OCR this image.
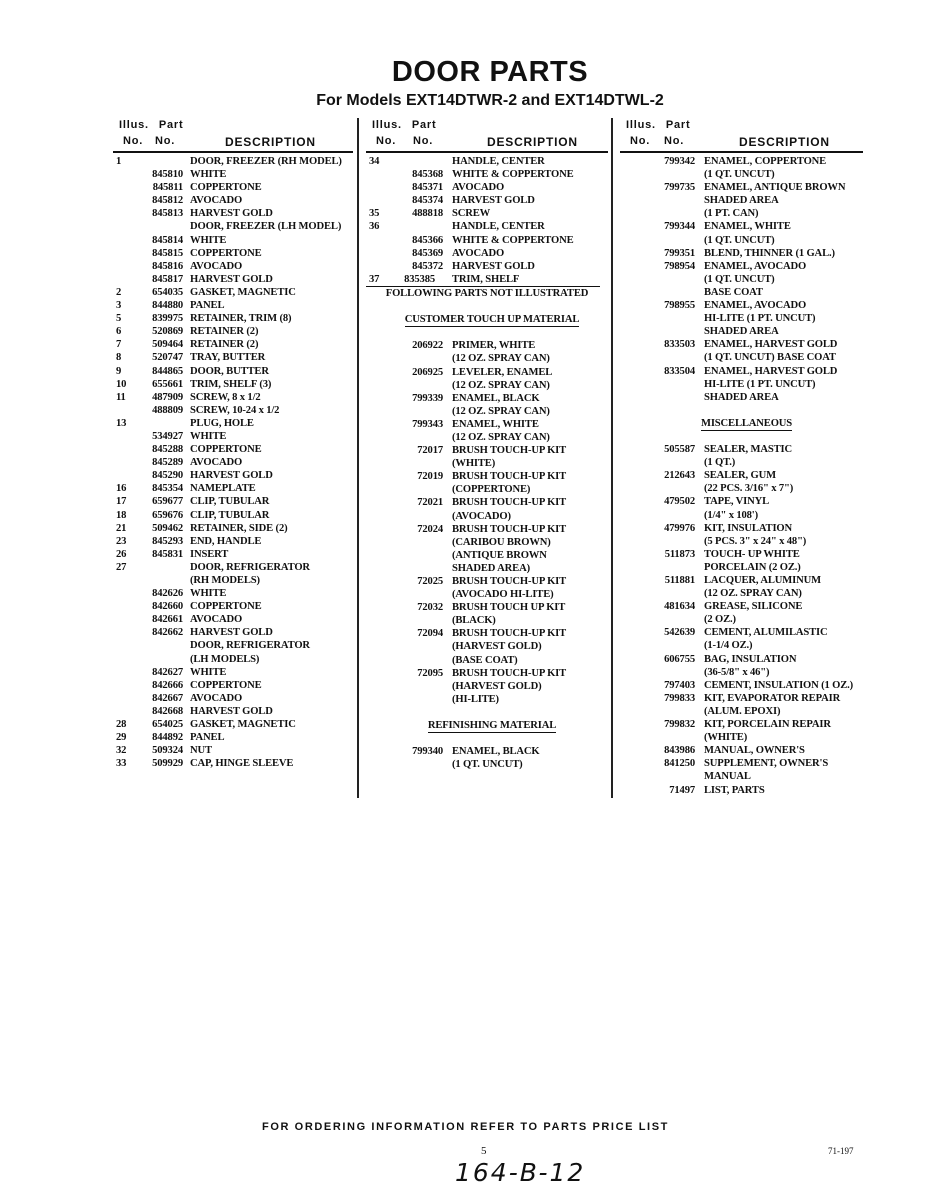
DOOR PARTS
For Models EXT14DTWR-2 and EXT14DTWL-2
Illus. Part
No. No.	DESCRIPTION
1	DOOR, FREEZER (RH MODEL)
845810 WHITE
845811 COPPERTONE
845812 AVOCADO
845813 HARVEST GOLD
DOOR, FREEZER (LH MODEL)
845814 WHITE
845815 COPPERTONE
845816 AVOCADO
845817 HARVEST GOLD
2	654035 GASKET, MAGNETIC
3	844880 PANEL
5	839975 RETAINER, TRIM (8)
6	520869 RETAINER (2)
7	509464 RETAINER (2)
8	520747 TRAY, BUTTER
9	844865 DOOR, BUTTER
10 655661 TRIM, SHELF (3)
11 487909 SCREW, 8 x 1/2
488809 SCREW, 10-24 x 1/2
13	PLUG, HOLE
534927 WHITE
845288 COPPERTONE
845289 AVOCADO
845290 HARVEST GOLD
16 845354 NAMEPLATE
17 659677 CLIP, TUBULAR
18 659676 CLIP, TUBULAR
21 509462 RETAINER, SIDE (2)
23 845293 END, HANDLE
26 845831 INSERT
27	DOOR, REFRIGERATOR
(RH MODELS)
842626 WHITE
842660 COPPERTONE
842661 AVOCADO
842662 HARVEST GOLD
DOOR, REFRIGERATOR
(LH MODELS)
842627 WHITE
842666 COPPERTONE
842667 AVOCADO
842668 HARVEST GOLD
28 654025 GASKET, MAGNETIC
29 844892 PANEL
32 509324 NUT
33 509929 CAP, HINGE SLEEVE
Illus. Part
No. No.	DESCRIPTION
34	HANDLE, CENTER
845368 WHITE & COPPERTONE
845371 AVOCADO
845374 HARVEST GOLD
35	488818 SCREW
36	HANDLE, CENTER
845366 WHITE & COPPERTONE
845369 AVOCADO
845372 HARVEST GOLD
37 835385 TRIM, SHELF
FOLLOWING PARTS NOT ILLUSTRATED
CUSTOMER TOUCH UP MATERIAL
206922 PRIMER, WHITE
(12 OZ. SPRAY CAN)
206925 LEVELER, ENAMEL
(12 OZ. SPRAY CAN)
799339 ENAMEL, BLACK
(12 OZ. SPRAY CAN)
799343 ENAMEL, WHITE
(12 OZ. SPRAY CAN)
72017 BRUSH TOUCH-UP KIT
(WHITE)
72019 BRUSH TOUCH-UP KIT
(COPPERTONE)
72021 BRUSH TOUCH-UP KIT
(AVOCADO)
72024 BRUSH TOUCH-UP KIT
(CARIBOU BROWN)
(ANTIQUE BROWN
SHADED AREA)
72025 BRUSH TOUCH-UP KIT
(AVOCADO HI-LITE)
72032 BRUSH TOUCH UP KIT
(BLACK)
72094 BRUSH TOUCH-UP KIT
(HARVEST GOLD)
(BASE COAT)
72095 BRUSH TOUCH-UP KIT
(HARVEST GOLD)
(HI-LITE)
REFINISHING MATERIAL
799340 ENAMEL, BLACK
(1 QT. UNCUT)
Illus. Part
No. No.	DESCRIPTION
799342 ENAMEL, COPPERTONE
(1 QT. UNCUT)
799735 ENAMEL, ANTIQUE BROWN
SHADED AREA
(1 PT. CAN)
799344 ENAMEL, WHITE
(1 QT. UNCUT)
799351 BLEND, THINNER (1 GAL.)
798954 ENAMEL, AVOCADO
(1 QT. UNCUT)
BASE COAT
798955 ENAMEL, AVOCADO
HI-LITE (1 PT. UNCUT)
SHADED AREA
833503 ENAMEL, HARVEST GOLD
(1 QT. UNCUT) BASE COAT
833504 ENAMEL, HARVEST GOLD
HI-LITE (1 PT. UNCUT)
SHADED AREA
MISCELLANEOUS
505587 SEALER, MASTIC
(1 QT.)
212643 SEALER, GUM
(22 PCS. 3/16" x 7")
479502 TAPE, VINYL
(1/4" x 108')
479976 KIT, INSULATION
(5 PCS. 3" x 24" x 48")
511873 TOUCH- UP WHITE
PORCELAIN (2 OZ.)
511881 LACQUER, ALUMINUM
(12 OZ. SPRAY CAN)
481634 GREASE, SILICONE
(2 OZ.)
542639 CEMENT, ALUMILASTIC
(1-1/4 OZ.)
606755 BAG, INSULATION
(36-5/8" x 46")
797403 CEMENT, INSULATION (1 OZ.)
799833 KIT, EVAPORATOR REPAIR
(ALUM. EPOXI)
799832 KIT, PORCELAIN REPAIR
(WHITE)
843986 MANUAL, OWNER'S
841250 SUPPLEMENT, OWNER'S
MANUAL
71497 LIST, PARTS
FOR ORDERING INFORMATION REFER TO PARTS PRICE LIST
5	71-197
164-B-12
